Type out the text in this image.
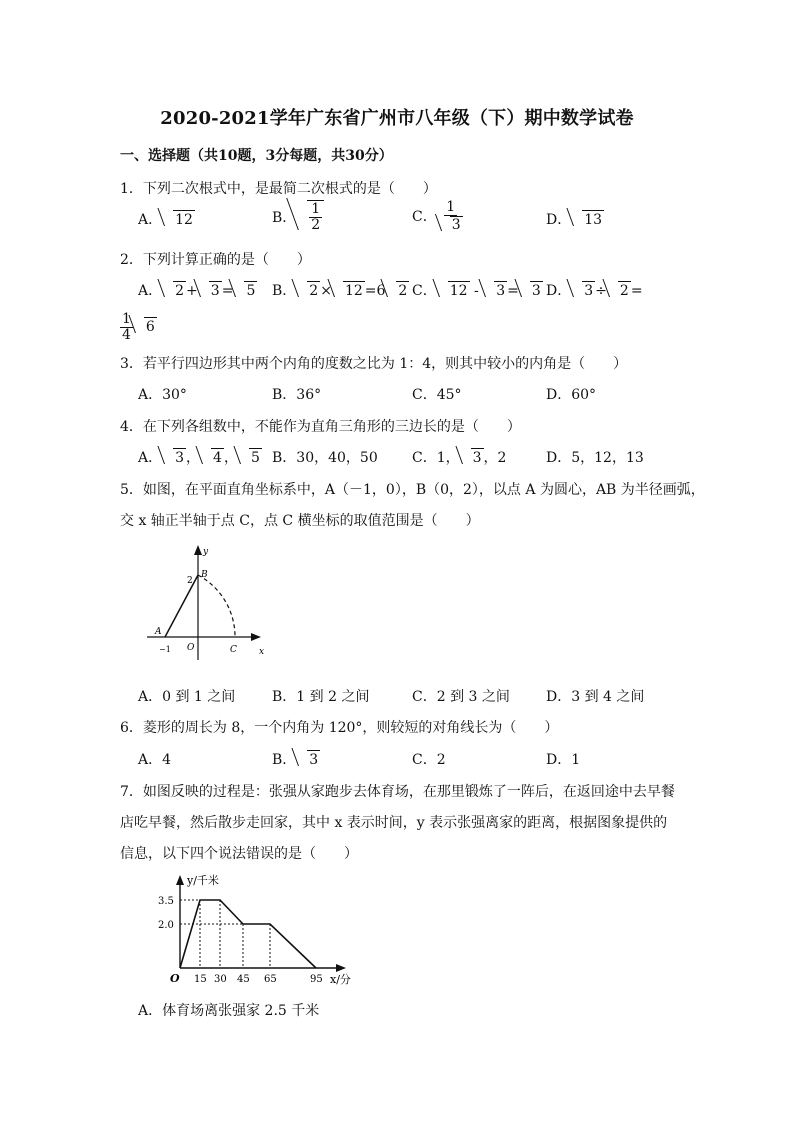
2020-2021学年广东省广州市八年级（下）期中数学试卷
一、选择题（共10题，3分每题，共30分）
1．下列二次根式中，是最简二次根式的是（　　）
A． 12	B． $\frac{1}{2}$	C． $\frac{1}{3}$	D． 13
2．下列计算正确的是（　　）
A． 2 + 3 = 5 B． 2 × 12 =6 2 C． 12 - 3 = 3 D． 3 ÷ 2 =
$\frac{1}{4} 6$
3．若平行四边形其中两个内角的度数之比为 1：4，则其中较小的内角是（　　）
A．30°	B．36°	C．45°	D．60°
4．在下列各组数中，不能作为直角三角形的三边长的是（　　）
A． 3 ， 4 ， 5 B．30，40，50 C．1， 3 ，2	D．5，12，13
5．如图，在平面直角坐标系中，A（－1，0），B（0，2），以点 A 为圆心，AB 为半径画弧，
交 x 轴正半轴于点 C，点 C 横坐标的取值范围是（　　）
y
x
B
2
A
−1 O	C
A．0 到 1 之间	B．1 到 2 之间	C．2 到 3 之间	D．3 到 4 之间
6．菱形的周长为 8，一个内角为 120°，则较短的对角线长为（　　）
A．4	B． 3	C．2	D．1
7．如图反映的过程是：张强从家跑步去体育场，在那里锻炼了一阵后，在返回途中去早餐
店吃早餐，然后散步走回家，其中 x 表示时间，y 表示张强离家的距离，根据图象提供的
信息，以下四个说法错误的是（　　）
y/千米
x/分
O
3.5
2.0
15 30 45 65	95
A．体育场离张强家 2.5 千米
